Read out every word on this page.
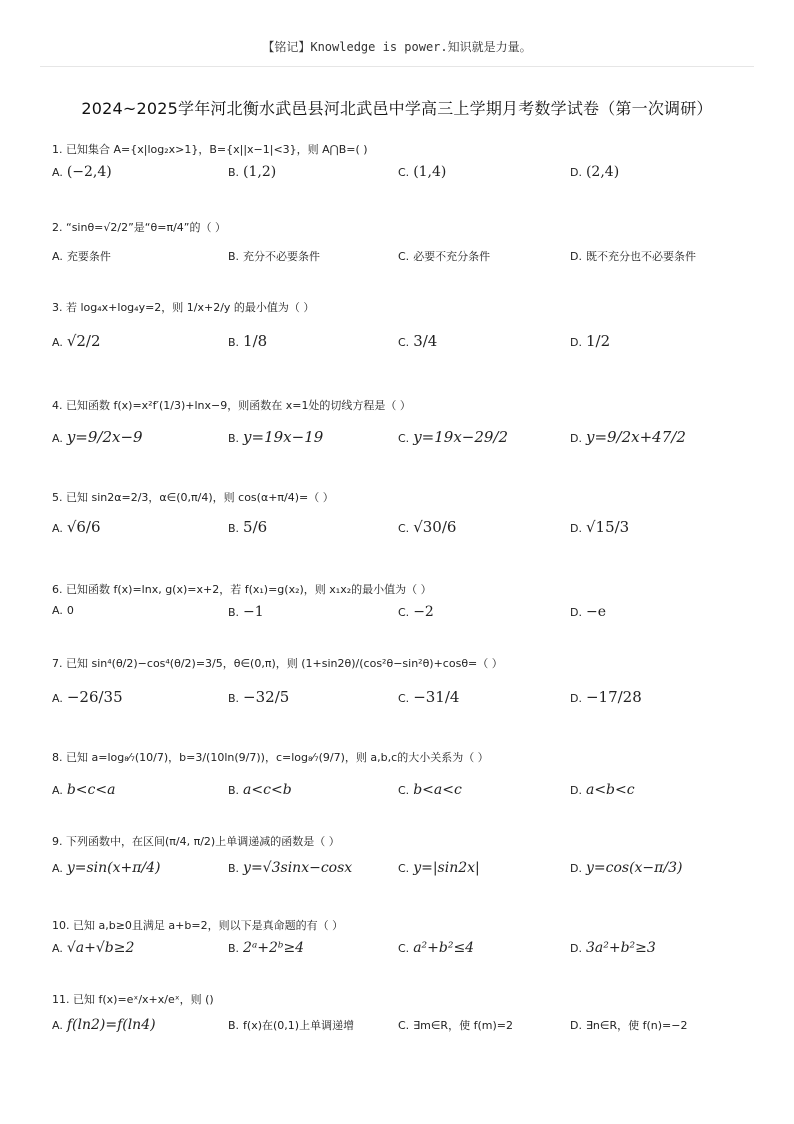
【铭记】Knowledge is power.知识就是力量。
2024~2025学年河北衡水武邑县河北武邑中学高三上学期月考数学试卷（第一次调研）
1. 已知集合 A={x|log₂x>1}，B={x||x−1|<3}，则 A⋂B=( )
A. (−2,4)	B. (1,2)	C. (1,4)	D. (2,4)
2. “sinθ=√2/2”是“θ=π/4”的（ ）
A. 充要条件	B. 充分不必要条件	C. 必要不充分条件	D. 既不充分也不必要条件
3. 若 log₄x+log₄y=2，则 1/x+2/y 的最小值为（ ）
A. √2/2	B. 1/8	C. 3/4	D. 1/2
4. 已知函数 f(x)=x²f′(1/3)+lnx−9，则函数在 x=1处的切线方程是（ ）
A. y=9/2x−9	B. y=19x−19	C. y=19x−29/2	D. y=9/2x+47/2
5. 已知 sin2α=2/3，α∈(0,π/4)，则 cos(α+π/4)=（ ）
A. √6/6	B. 5/6	C. √30/6	D. √15/3
6. 已知函数 f(x)=lnx, g(x)=x+2，若 f(x₁)=g(x₂)，则 x₁x₂的最小值为（ ）
A. 0	B. −1	C. −2	D. −e
7. 已知 sin⁴(θ/2)−cos⁴(θ/2)=3/5，θ∈(0,π)，则 (1+sin2θ)/(cos²θ−sin²θ)+cosθ=（ ）
A. −26/35	B. −32/5	C. −31/4	D. −17/28
8. 已知 a=log₈⁄₇(10/7)，b=3/(10ln(9/7))，c=log₈⁄₇(9/7)，则 a,b,c的大小关系为（ ）
A. b<c<a	B. a<c<b	C. b<a<c	D. a<b<c
9. 下列函数中，在区间(π/4, π/2)上单调递减的函数是（ ）
A. y=sin(x+π/4)	B. y=√3sinx−cosx	C. y=|sin2x|	D. y=cos(x−π/3)
10. 已知 a,b≥0且满足 a+b=2，则以下是真命题的有（ ）
A. √a+√b≥2	B. 2ᵃ+2ᵇ≥4	C. a²+b²≤4	D. 3a²+b²≥3
11. 已知 f(x)=eˣ/x+x/eˣ，则 ()
A. f(ln2)=f(ln4)	B. f(x)在(0,1)上单调递增	C. ∃m∈R，使 f(m)=2	D. ∃n∈R，使 f(n)=−2
